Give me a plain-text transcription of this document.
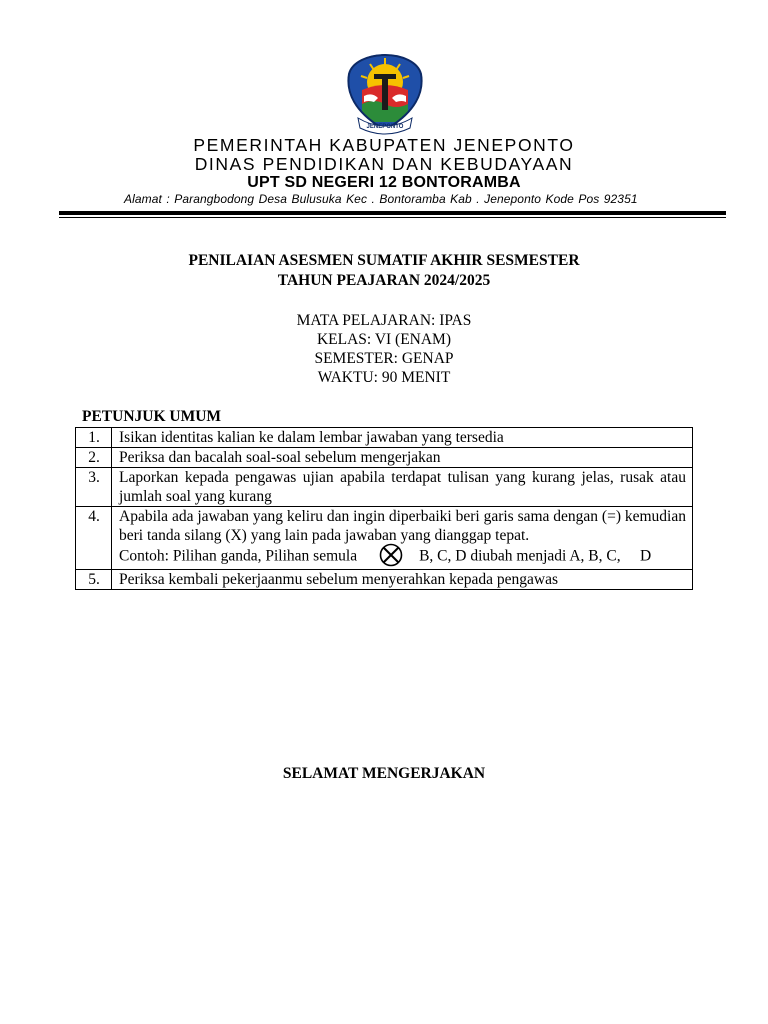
JENEPONTO
PEMERINTAH KABUPATEN JENEPONTO
DINAS PENDIDIKAN DAN KEBUDAYAAN
UPT SD NEGERI 12 BONTORAMBA
Alamat : Parangbodong Desa Bulusuka Kec . Bontoramba Kab . Jeneponto Kode Pos 92351
PENILAIAN ASESMEN SUMATIF AKHIR SESMESTER
TAHUN PEAJARAN 2024/2025
MATA PELAJARAN: IPAS
KELAS: VI (ENAM)
SEMESTER: GENAP
WAKTU: 90 MENIT
PETUNJUK UMUM
1.	Isikan identitas kalian ke dalam lembar jawaban yang tersedia
2.	Periksa dan bacalah soal-soal sebelum mengerjakan
3.	Laporkan kepada pengawas ujian apabila terdapat tulisan yang kurang jelas, rusak atau jumlah soal yang kurang
4.	Apabila ada jawaban yang keliru dan ingin diperbaiki beri garis sama dengan (=) kemudian beri tanda silang (X) yang lain pada jawaban yang dianggap tepat.
Contoh: Pilihan ganda, Pilihan semula B, C, D diubah menjadi A, B, C,     D

5.	Periksa kembali pekerjaanmu sebelum menyerahkan kepada pengawas
SELAMAT MENGERJAKAN
